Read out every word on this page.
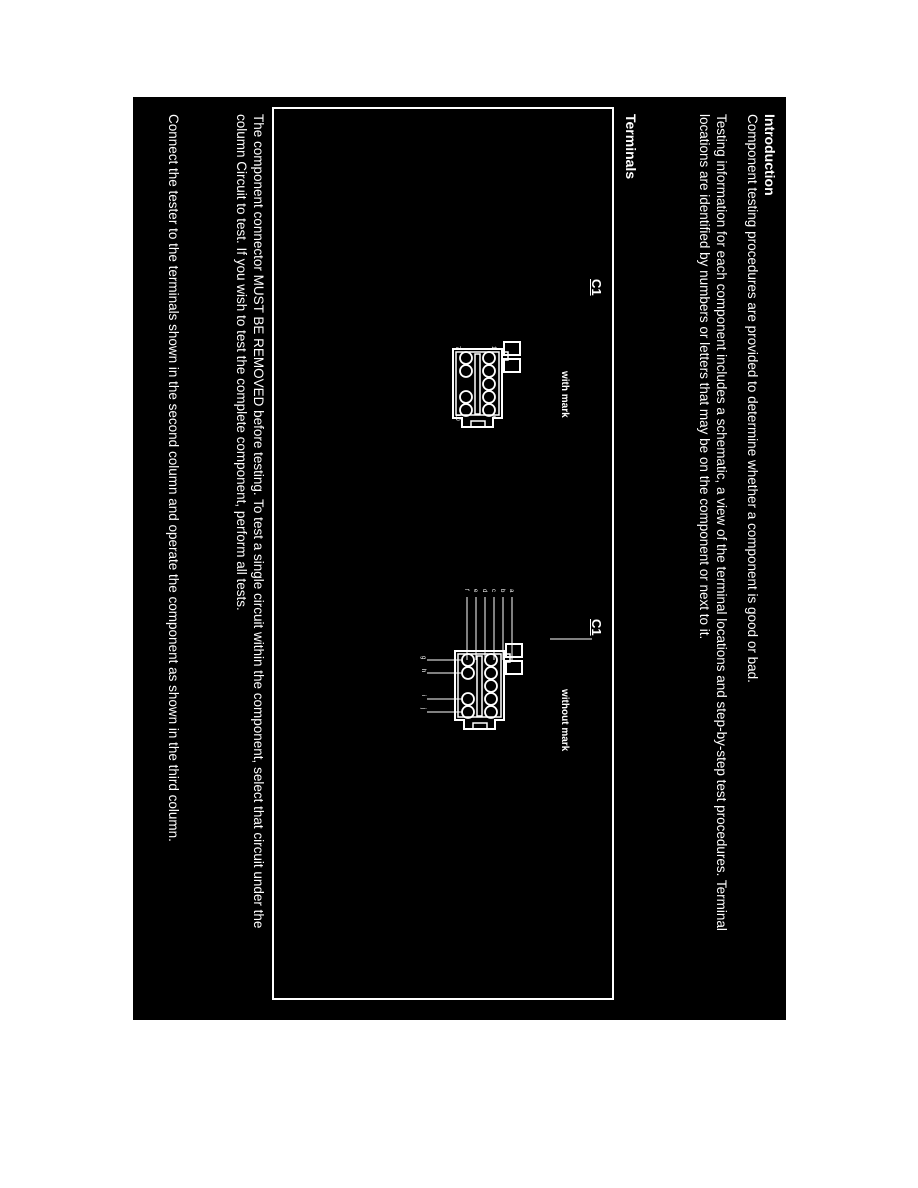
Introduction
Component testing procedures are provided to determine whether a component is good or bad.
Testing information for each component includes a schematic, a view of the terminal locations and step-by-step test procedures. Terminal
locations are identified by numbers or letters that may be on the component or next to it.
Terminals
C1
1
6
7
10	with mark
C1
without mark
g
h
i
j
a
b
c
d
e
f
The component connector MUST BE REMOVED before testing. To test a single circuit within the component, select that circuit under the
column Circuit to test. If you wish to test the complete component, perform all tests.
Connect the tester to the terminals shown in the second column and operate the component as shown in the third column.
